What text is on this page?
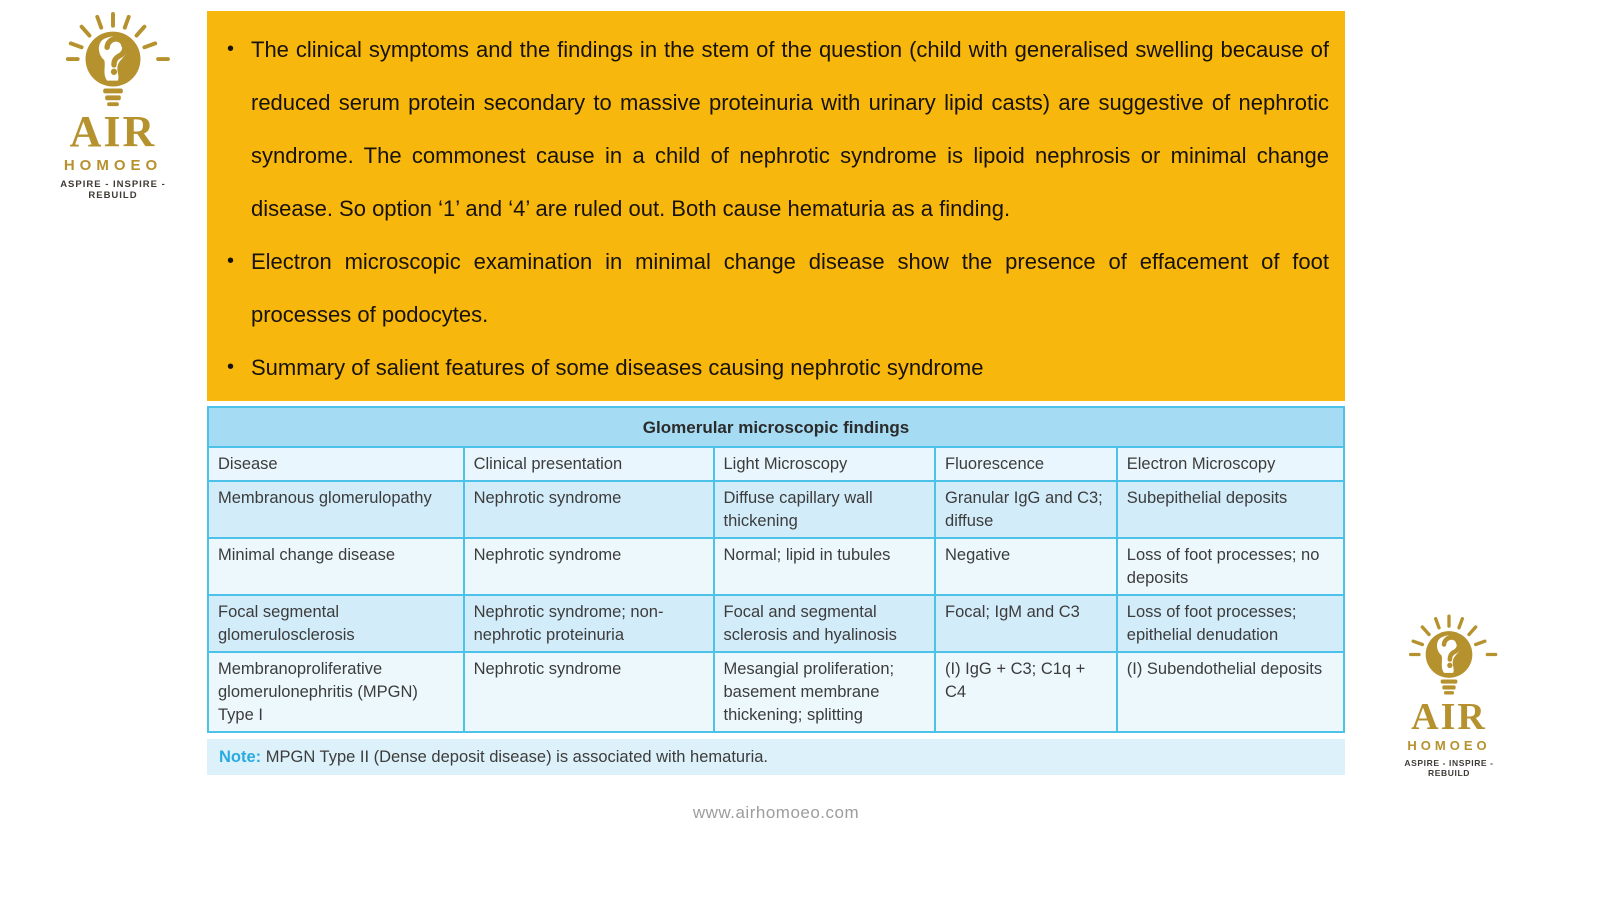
AIR
HOMOEO
ASPIRE - INSPIRE - REBUILD
• The clinical symptoms and the findings in the stem of the question (child with generalised swelling because of reduced serum protein secondary to massive proteinuria with urinary lipid casts) are suggestive of nephrotic syndrome. The commonest cause in a child of nephrotic syndrome is lipoid nephrosis or minimal change disease. So option ‘1’ and ‘4’ are ruled out. Both cause hematuria as a finding.
• Electron microscopic examination in minimal change disease show the presence of effacement of foot processes of podocytes.
• Summary of salient features of some diseases causing nephrotic syndrome
Glomerular microscopic findings				
Disease	Clinical presentation	Light Microscopy	Fluorescence	Electron Microscopy
Membranous glomerulopathy	Nephrotic syndrome	Diffuse capillary wall thickening	Granular IgG and C3; diffuse	Subepithelial deposits
Minimal change disease	Nephrotic syndrome	Normal; lipid in tubules	Negative	Loss of foot processes; no deposits
Focal segmental glomerulosclerosis	Nephrotic syndrome; non-nephrotic proteinuria	Focal and segmental sclerosis and hyalinosis	Focal; IgM and C3	Loss of foot processes; epithelial denudation
Membranoproliferative glomerulonephritis (MPGN) Type I	Nephrotic syndrome	Mesangial proliferation; basement membrane thickening; splitting	(I) IgG + C3; C1q + C4	(I) Subendothelial deposits
Note: MPGN Type II (Dense deposit disease) is associated with hematuria.
www.airhomoeo.com
AIR
HOMOEO
ASPIRE - INSPIRE - REBUILD
